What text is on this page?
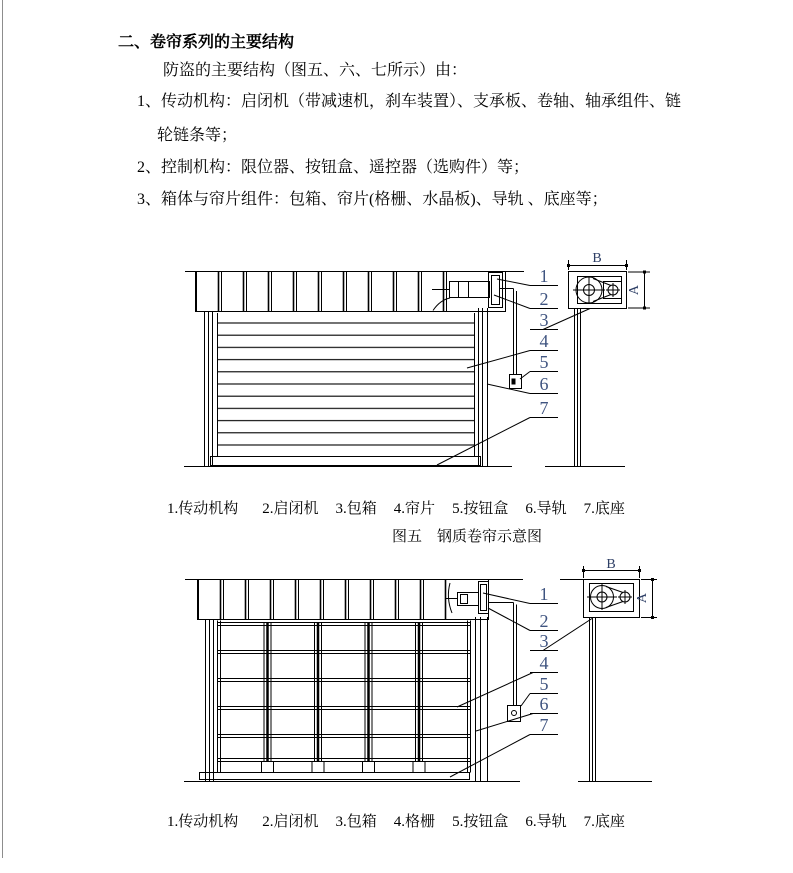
二、卷帘系列的主要结构

防盗的主要结构（图五、六、七所示）由：

1、传动机构：启闭机（带减速机，刹车装置）、支承板、卷轴、轴承组件、链

轮链条等；

2、控制机构：限位器、按钮盒、遥控器（选购件）等；

3、箱体与帘片组件：包箱、帘片(格栅、水晶板)、导轨 、底座等；

1
2
3
4
5
6
7
B
A
1.传动机构 2.启闭机 3.包箱 4.帘片 5.按钮盒 6.导轨 7.底座

图五　钢质卷帘示意图

1
2
3
4
5
6
7
B
A
1.传动机构 2.启闭机 3.包箱 4.格栅 5.按钮盒 6.导轨 7.底座
